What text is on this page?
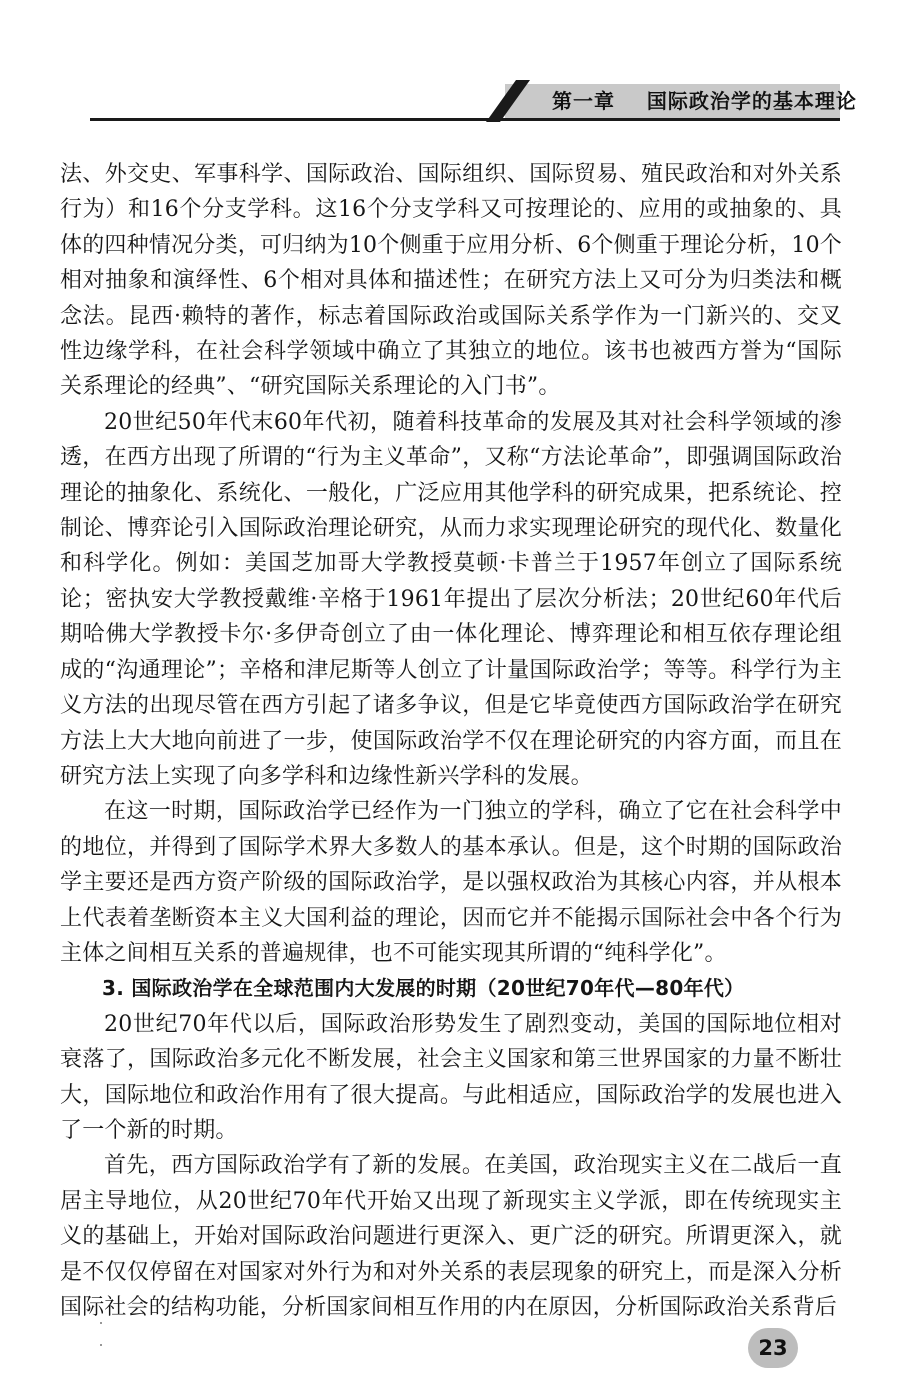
第一章    国际政治学的基本理论

法、外交史、军事科学、国际政治、国际组织、国际贸易、殖民政治和对外关系行为）和16个分支学科。这16个分支学科又可按理论的、应用的或抽象的、具体的四种情况分类，可归纳为10个侧重于应用分析、6个侧重于理论分析，10个相对抽象和演绎性、6个相对具体和描述性；在研究方法上又可分为归类法和概念法。昆西·赖特的著作，标志着国际政治或国际关系学作为一门新兴的、交叉性边缘学科，在社会科学领域中确立了其独立的地位。该书也被西方誉为“国际关系理论的经典”、“研究国际关系理论的入门书”。

20世纪50年代末60年代初，随着科技革命的发展及其对社会科学领域的渗透，在西方出现了所谓的“行为主义革命”，又称“方法论革命”，即强调国际政治理论的抽象化、系统化、一般化，广泛应用其他学科的研究成果，把系统论、控制论、博弈论引入国际政治理论研究，从而力求实现理论研究的现代化、数量化和科学化。例如：美国芝加哥大学教授莫顿·卡普兰于1957年创立了国际系统论；密执安大学教授戴维·辛格于1961年提出了层次分析法；20世纪60年代后期哈佛大学教授卡尔·多伊奇创立了由一体化理论、博弈理论和相互依存理论组成的“沟通理论”；辛格和津尼斯等人创立了计量国际政治学；等等。科学行为主义方法的出现尽管在西方引起了诸多争议，但是它毕竟使西方国际政治学在研究方法上大大地向前进了一步，使国际政治学不仅在理论研究的内容方面，而且在研究方法上实现了向多学科和边缘性新兴学科的发展。

在这一时期，国际政治学已经作为一门独立的学科，确立了它在社会科学中的地位，并得到了国际学术界大多数人的基本承认。但是，这个时期的国际政治学主要还是西方资产阶级的国际政治学，是以强权政治为其核心内容，并从根本上代表着垄断资本主义大国利益的理论，因而它并不能揭示国际社会中各个行为主体之间相互关系的普遍规律，也不可能实现其所谓的“纯科学化”。

3. 国际政治学在全球范围内大发展的时期（20世纪70年代—80年代）

20世纪70年代以后，国际政治形势发生了剧烈变动，美国的国际地位相对衰落了，国际政治多元化不断发展，社会主义国家和第三世界国家的力量不断壮大，国际地位和政治作用有了很大提高。与此相适应，国际政治学的发展也进入了一个新的时期。

首先，西方国际政治学有了新的发展。在美国，政治现实主义在二战后一直居主导地位，从20世纪70年代开始又出现了新现实主义学派，即在传统现实主义的基础上，开始对国际政治问题进行更深入、更广泛的研究。所谓更深入，就是不仅仅停留在对国家对外行为和对外关系的表层现象的研究上，而是深入分析国际社会的结构功能，分析国家间相互作用的内在原因，分析国际政治关系背后

23
